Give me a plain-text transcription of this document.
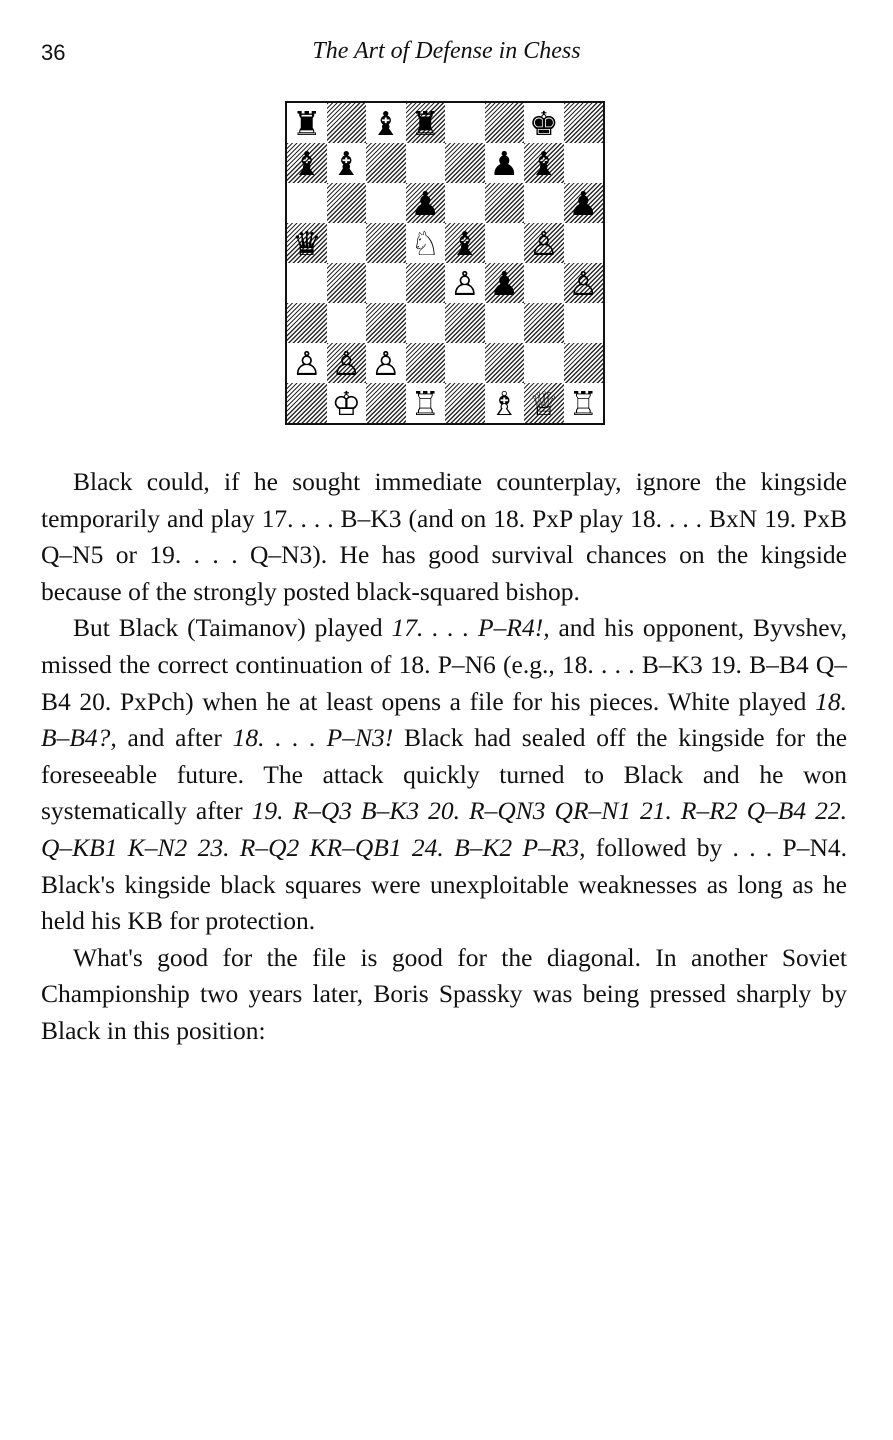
36	The Art of Defense in Chess
♜ ♝ ♜	♚
♝ ♝	♟ ♝
♟	♟
♛	♘ ♝ ♙
♙ ♟ ♙
♙ ♙ ♙
♔ ♖ ♗ ♕ ♖

Black could, if he sought immediate counterplay, ignore the kingside temporarily and play 17. . . . B–K3 (and on 18. PxP play 18. . . . BxN 19. PxB Q–N5 or 19. . . . Q–N3). He has good survival chances on the kingside because of the strongly posted black-squared bishop.

But Black (Taimanov) played 17. . . . P–R4!, and his opponent, Byvshev, missed the correct continuation of 18. P–N6 (e.g., 18. . . . B–K3 19. B–B4 Q–B4 20. PxPch) when he at least opens a file for his pieces. White played 18. B–B4?, and after 18. . . . P–N3! Black had sealed off the kingside for the foreseeable future. The attack quickly turned to Black and he won systematically after 19. R–Q3 B–K3 20. R–QN3 QR–N1 21. R–R2 Q–B4 22. Q–KB1 K–N2 23. R–Q2 KR–QB1 24. B–K2 P–R3, followed by . . . P–N4. Black's kingside black squares were unexploitable weaknesses as long as he held his KB for protection.

What's good for the file is good for the diagonal. In another Soviet Championship two years later, Boris Spassky was being pressed sharply by Black in this position:
